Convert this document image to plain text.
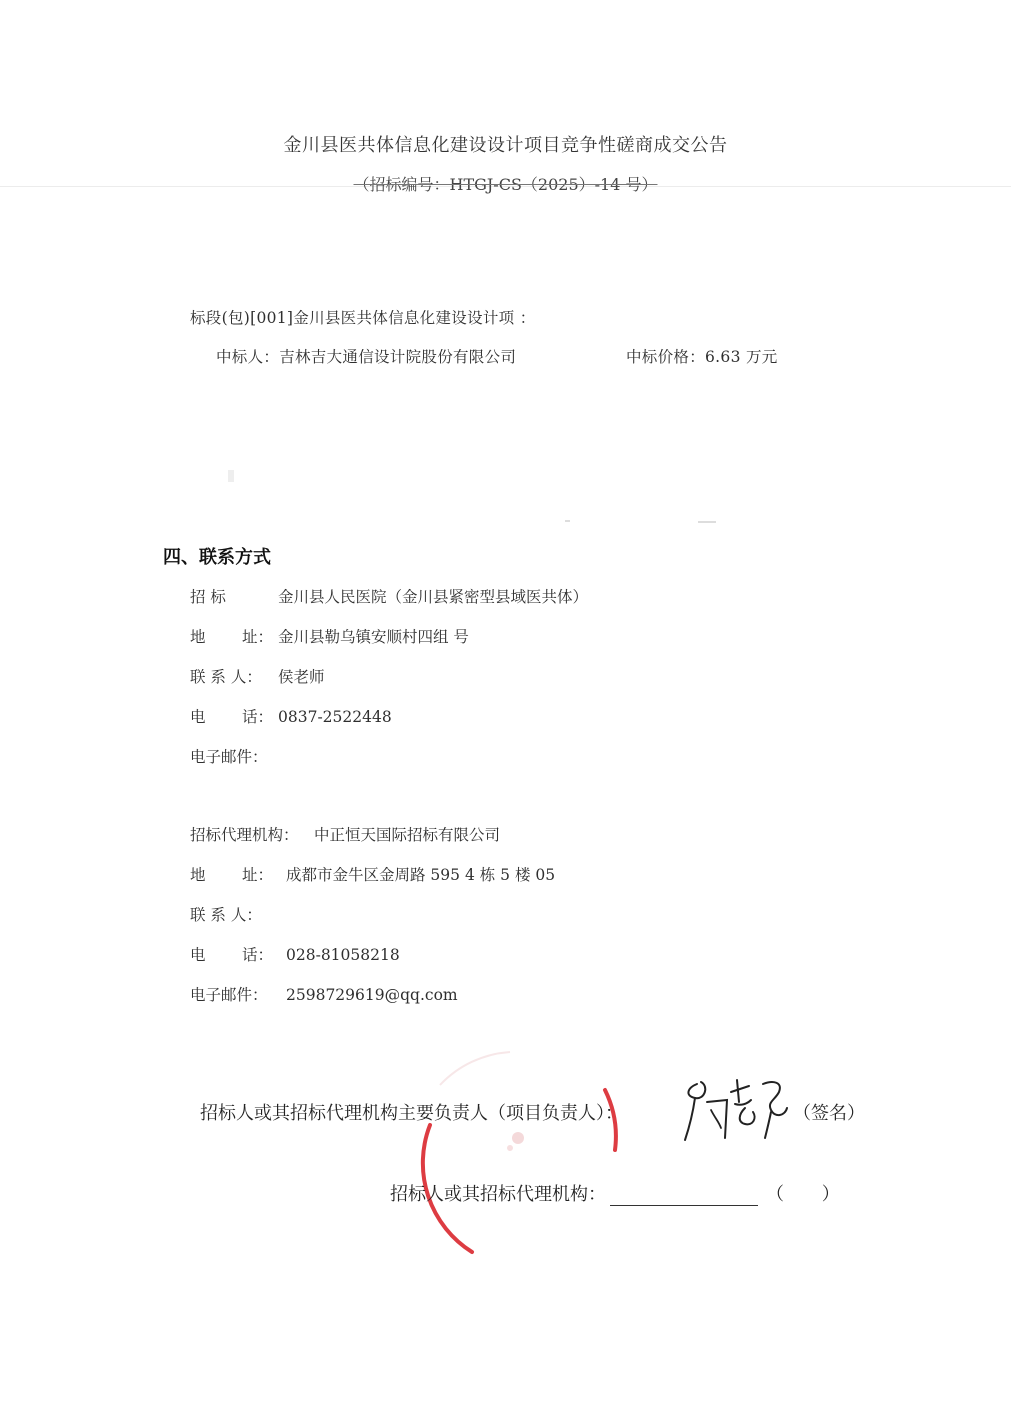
金川县医共体信息化建设设计项目竞争性磋商成交公告
（招标编号：HTGJ-CS（2025）-14 号）
标段(包)[001]金川县医共体信息化建设设计项 ：
中标人：吉林吉大通信设计院股份有限公司	中标价格：6.63 万元
四、联系方式
招 标	金川县人民医院（金川县紧密型县域医共体）
地 址： 金川县勒乌镇安顺村四组 号
联 系 人： 侯老师
电 话： 0837-2522448
电子邮件：
招标代理机构： 中正恒天国际招标有限公司
地 址： 成都市金牛区金周路 595 4 栋 5 楼 05
联 系 人：
电 话： 028-81058218
电子邮件： 2598729619@qq.com
招标人或其招标代理机构主要负责人（项目负责人）：	（签名）
招标人或其招标代理机构：	（ ）
